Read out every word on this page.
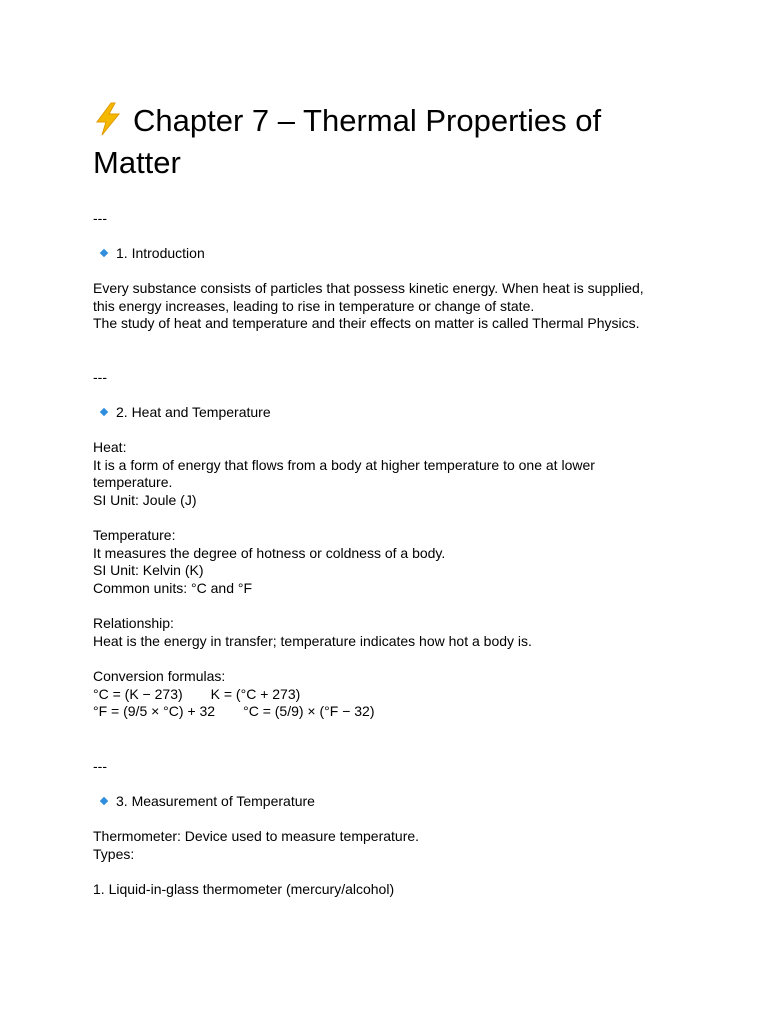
Chapter 7 – Thermal Properties of Matter
---
1. Introduction
Every substance consists of particles that possess kinetic energy. When heat is supplied,
this energy increases, leading to rise in temperature or change of state.
The study of heat and temperature and their effects on matter is called Thermal Physics.
---
2. Heat and Temperature
Heat:
It is a form of energy that flows from a body at higher temperature to one at lower
temperature.
SI Unit: Joule (J)
Temperature:
It measures the degree of hotness or coldness of a body.
SI Unit: Kelvin (K)
Common units: °C and °F
Relationship:
Heat is the energy in transfer; temperature indicates how hot a body is.
Conversion formulas:
°C = (K − 273) K = (°C + 273)
°F = (9/5 × °C) + 32 °C = (5/9) × (°F − 32)
---
3. Measurement of Temperature
Thermometer: Device used to measure temperature.
Types:
1. Liquid-in-glass thermometer (mercury/alcohol)
